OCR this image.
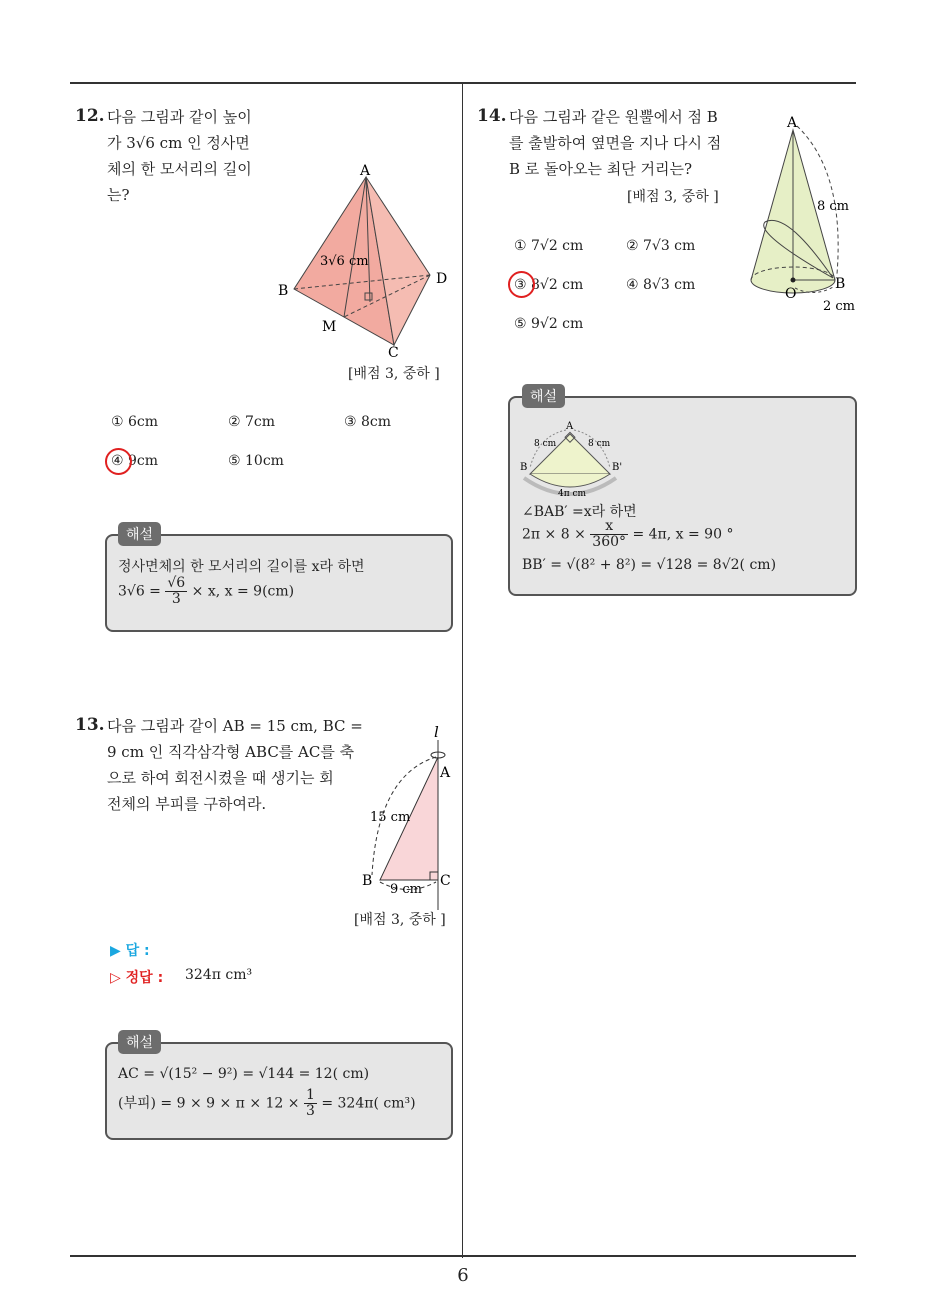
12. 다음 그림과 같이 높이
가 3√6 cm 인 정사면
체의 한 모서리의 길이
는?
A
B
C
D
M
3√6 cm
[배점 3, 중하 ]
① 6cm	② 7cm	③ 8cm
④ 9cm	⑤ 10cm
해설
정사면체의 한 모서리의 길이를 x라 하면
$3√6 = \frac{√6}{3} \times x$, x = 9(cm)
13. 다음 그림과 같이 AB = 15 cm, BC =
9 cm 인 직각삼각형 ABC를 AC를 축
으로 하여 회전시켰을 때 생기는 회
전체의 부피를 구하여라.
l
A
B	C
15 cm
9 cm
[배점 3, 중하 ]
▶ 답 :
▷ 정답 : 324π cm³
해설
AC = √(15² − 9²) = √144 = 12( cm)
(부피) = $9 \times 9 \times \pi \times 12 \times \frac{1}{3} = 324\pi$( cm³)
14. 다음 그림과 같은 원뿔에서 점 B
를 출발하여 옆면을 지나 다시 점
B 로 돌아오는 최단 거리는?
[배점 3, 중하 ]
A
B
O
8 cm
2 cm
① 7√2 cm	② 7√3 cm
③ 8√2 cm	④ 8√3 cm
⑤ 9√2 cm
해설
A
B	B'
8 cm	8 cm
4π cm
∠BAB′ =x라 하면
$2\pi \times 8 \times \frac{x}{360^\circ} = 4\pi$, x = 90 °
BB′ = √(8² + 8²) = √128 = 8√2( cm)
6
